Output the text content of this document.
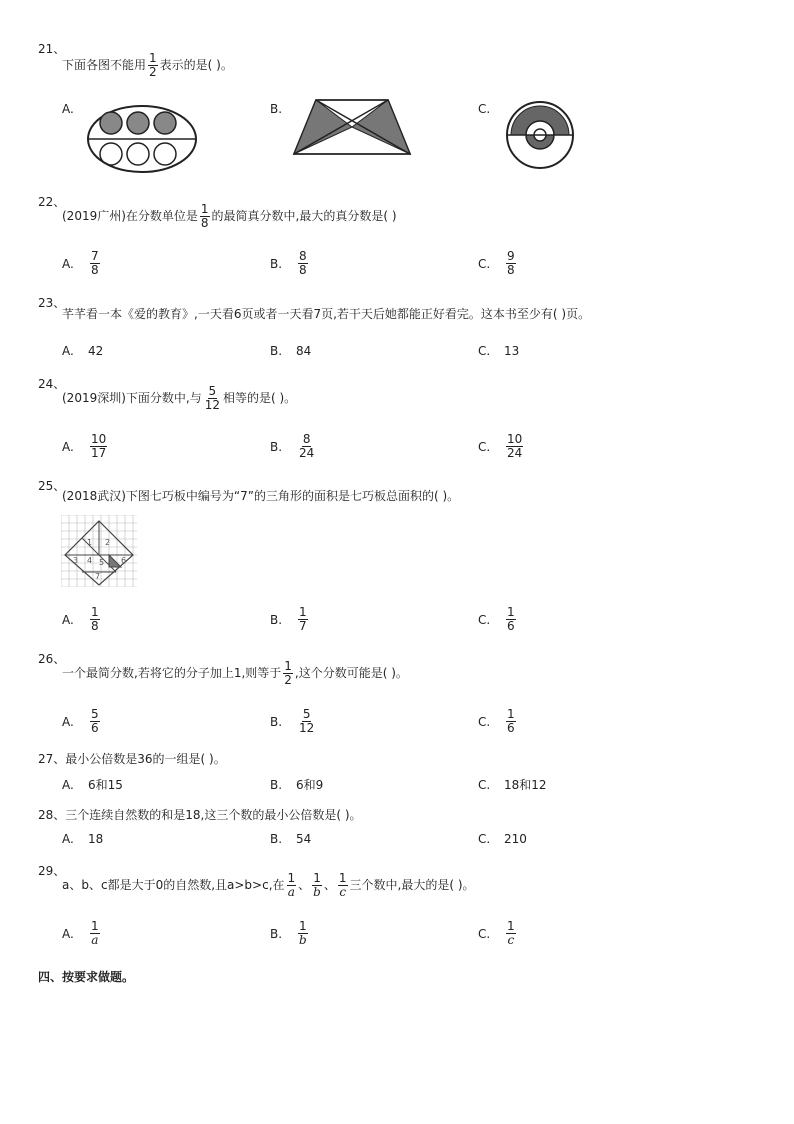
21、
下面各图不能用 $\frac{1}{2}$ 表示的是( )。
A.	B.	C.
22、
(2019广州)在分数单位是 $\frac{1}{8}$ 的最简真分数中,最大的真分数是( )
A.	$\frac{7}{8}$	B.	$\frac{8}{8}$	C.	$\frac{9}{8}$
23、
芊芊看一本《爱的教育》,一天看6页或者一天看7页,若干天后她都能正好看完。这本书至少有( )页。
A. 42	B. 84	C. 13
24、
(2019深圳)下面分数中,与 $\frac{5}{12}$ 相等的是( )。
A.	$\frac{10}{17}$	B.	$\frac{8}{24}$	C.	$\frac{10}{24}$
25、
(2018武汉)下图七巧板中编号为“7”的三角形的面积是七巧板总面积的( )。
1 2
3 4 5 6
7
A.	$\frac{1}{8}$	B.	$\frac{1}{7}$	C.	$\frac{1}{6}$
26、
一个最简分数,若将它的分子加上1,则等于 $\frac{1}{2}$ ,这个分数可能是( )。
A.	$\frac{5}{6}$	B.	$\frac{5}{12}$	C.	$\frac{1}{6}$
27、最小公倍数是36的一组是( )。
A. 6和15	B. 6和9	C. 18和12
28、三个连续自然数的和是18,这三个数的最小公倍数是( )。
A. 18	B. 54	C. 210
29、
a、b、c都是大于0的自然数,且a>b>c,在 $\frac{1}{a}$ 、 $\frac{1}{b}$ 、 $\frac{1}{c}$ 三个数中,最大的是( )。
A.	$\frac{1}{a}$	B.	$\frac{1}{b}$	C.	$\frac{1}{c}$
四、按要求做题。
